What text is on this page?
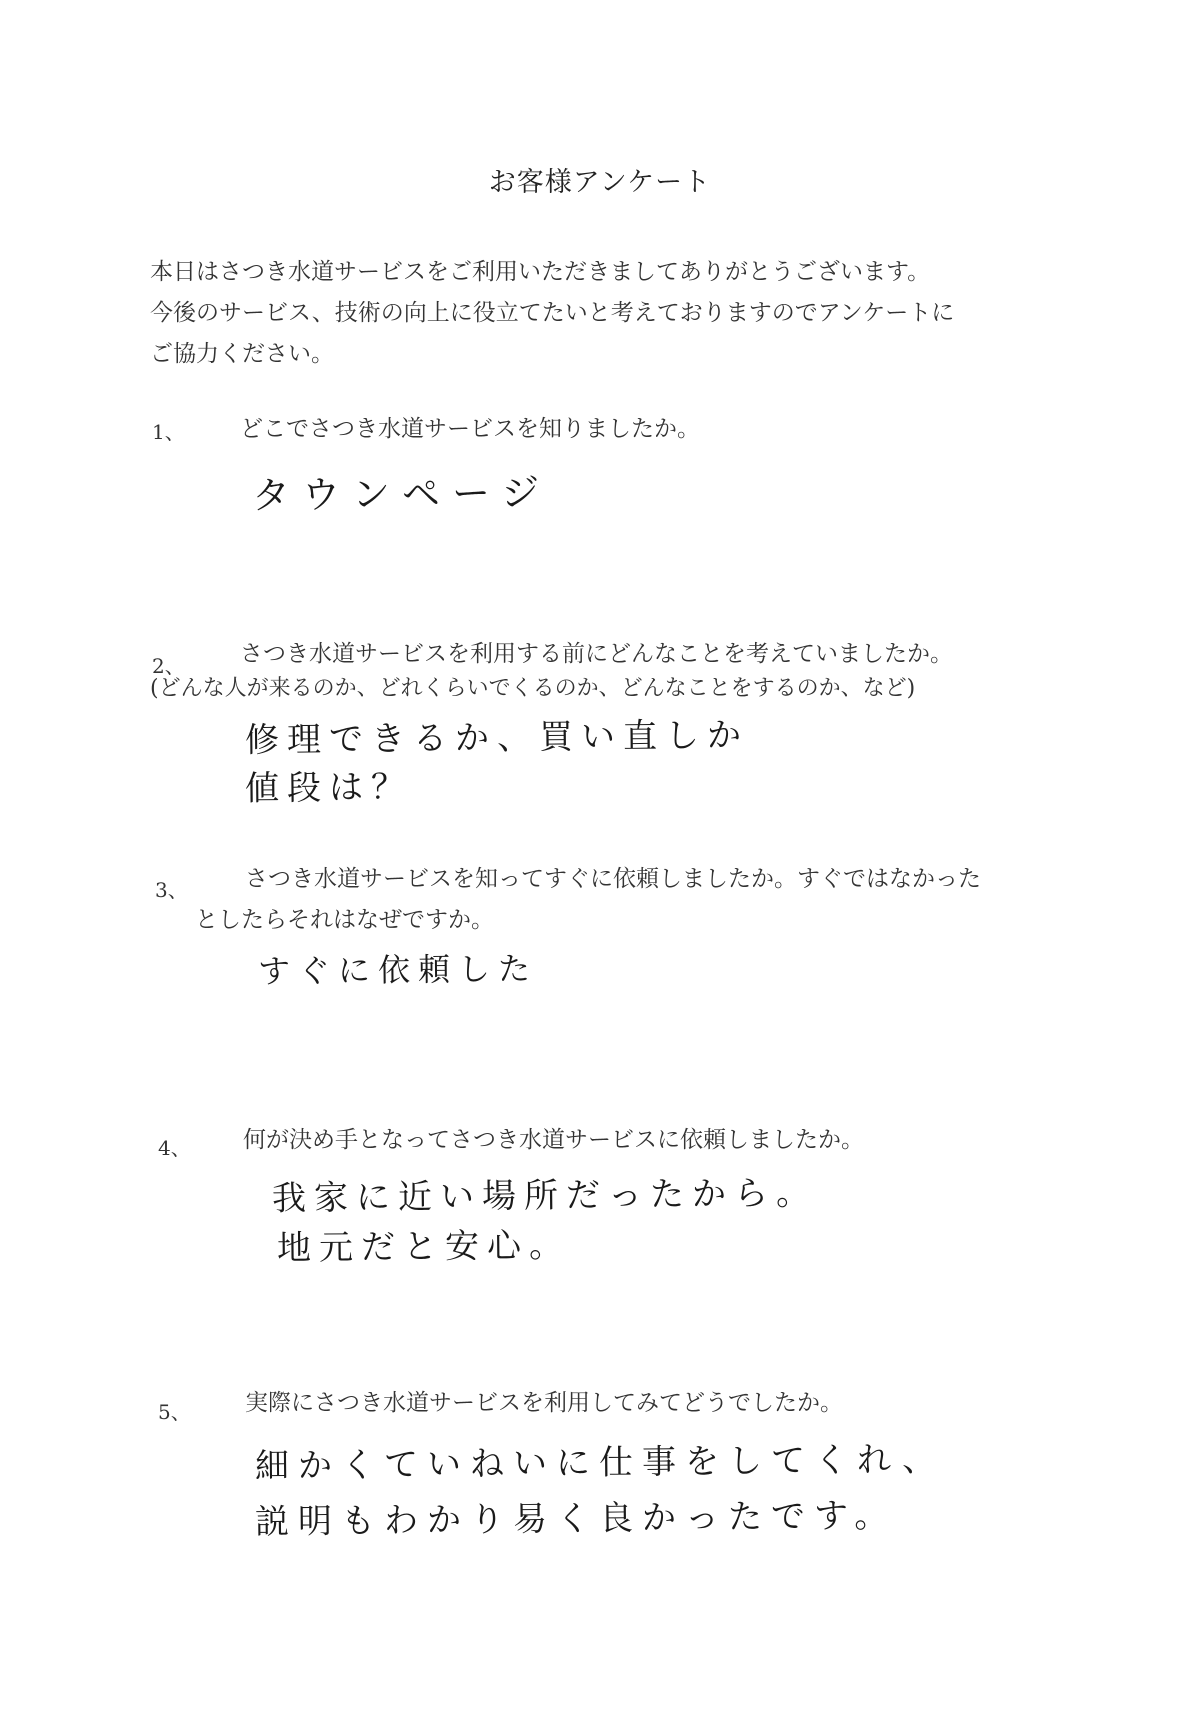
お客様アンケート
本日はさつき水道サービスをご利用いただきましてありがとうございます。
今後のサービス、技術の向上に役立てたいと考えておりますのでアンケートに
ご協力ください。
1、 どこでさつき水道サービスを知りましたか。
タウンページ
2、 さつき水道サービスを利用する前にどんなことを考えていましたか。
(どんな人が来るのか、どれくらいでくるのか、どんなことをするのか、など)
修理できるか、買い直しか
値段は？
3、 さつき水道サービスを知ってすぐに依頼しましたか。すぐではなかった
としたらそれはなぜですか。
すぐに依頼した
4、 何が決め手となってさつき水道サービスに依頼しましたか。
我家に近い場所だったから。
地元だと安心。
5、 実際にさつき水道サービスを利用してみてどうでしたか。
細かくていねいに仕事をしてくれ、
説明もわかり易く良かったです。
